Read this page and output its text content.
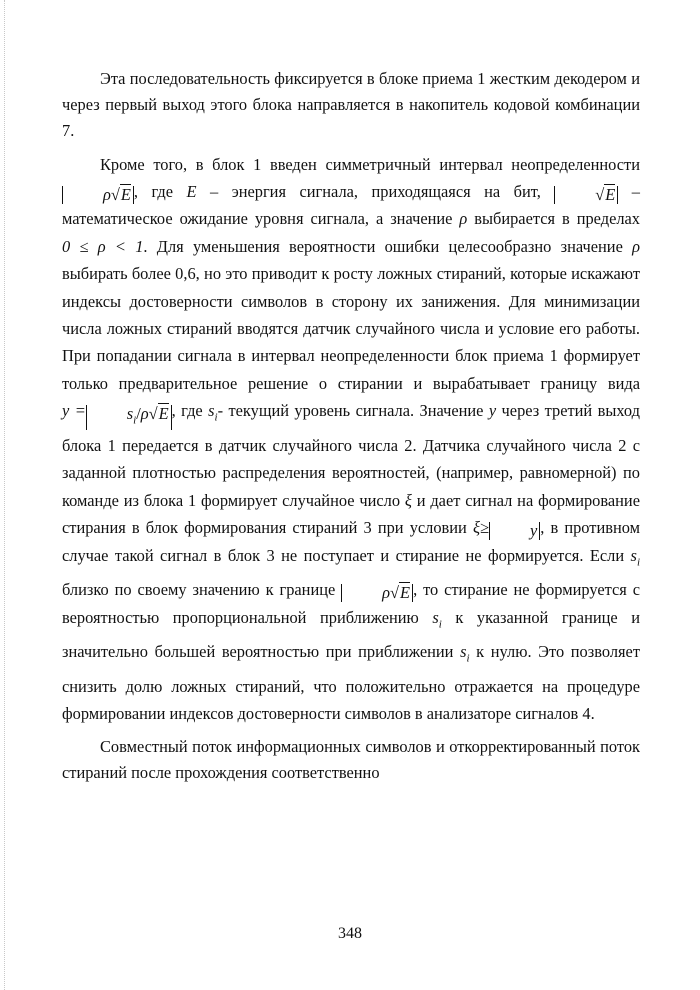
Эта последовательность фиксируется в блоке приема 1 жестким декодером и через первый выход этого блока направляется в накопитель кодовой комбинации 7.

Кроме того, в блок 1 введен симметричный интервал неопределенности ρ√E , где E – энергия сигнала, приходящаяся на бит,	√E – математическое ожидание уровня сигнала, а значение ρ выбирается в пределах 0 ≤ ρ < 1. Для уменьшения вероятности ошибки целесообразно значение ρ выбирать более 0,6, но это приводит к росту ложных стираний, которые искажают индексы достоверности символов в сторону их занижения. Для минимизации числа ложных стираний вводятся датчик случайного числа и условие его работы. При попадании сигнала в интервал неопределенности блок приема 1 формирует только предварительное решение о стирании и вырабатывает границу вида y =	$s_i/\rho√E$ , где $s_i-$ текущий уровень сигнала. Значение y через третий выход блока 1 передается в датчик случайного числа 2. Датчика случайного числа 2 с заданной плотностью распределения вероятностей, (например, равномерной) по команде из блока 1 формирует случайное число ξ и дает сигнал на формирование стирания в блок формирования стираний 3 при условии ξ≥	y , в противном случае такой сигнал в блок 3 не поступает и стирание не формируется. Если $s_i$ близко по своему значению к границе	ρ√E , то стирание не формируется с вероятностью пропорциональной приближению $s_i$ к указанной границе и значительно большей вероятностью при приближении $s_i$ к нулю. Это позволяет снизить долю ложных стираний, что положительно отражается на процедуре формировании индексов достоверности символов в анализаторе сигналов 4.

Совместный поток информационных символов и откорректированный поток стираний после прохождения соответственно

348
